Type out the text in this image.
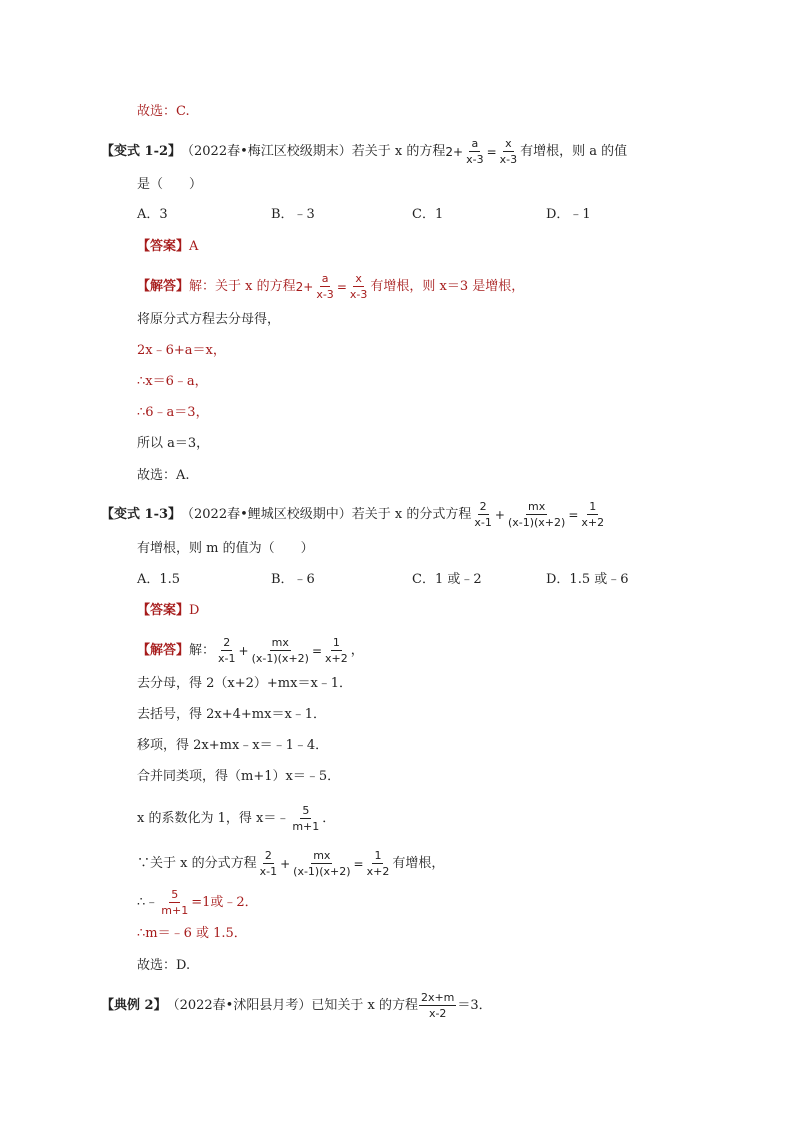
故选：C.
【变式 1-2】 （2022春•梅江区校级期末） 若关于 x 的方程 $2+ \frac{a}{x-3} = \frac{x}{x-3}$ 有增根，则 a 的值
是（　　）
A．3	B．﹣3	C．1	D．﹣1
【答案】 A
【解答】 解：关于 x 的方程 $2+ \frac{a}{x-3} = \frac{x}{x-3}$ 有增根，则 x＝3 是增根，
将原分式方程去分母得，
2x﹣6+a＝x，
∴x＝6﹣a，
∴6﹣a＝3，
所以 a＝3，
故选：A.
【变式 1-3】 （2022春•鲤城区校级期中） 若关于 x 的分式方程 $\frac{2}{x-1} + \frac{mx}{(x-1)(x+2)} = \frac{1}{x+2}$
有增根，则 m 的值为（　　）
A．1.5	B．﹣6	C．1 或﹣2	D．1.5 或﹣6
【答案】 D
【解答】 解： $\frac{2}{x-1} + \frac{mx}{(x-1)(x+2)} = \frac{1}{x+2}$ ，
去分母，得 2（x+2）+mx＝x﹣1．
去括号，得 2x+4+mx＝x﹣1．
移项，得 2x+mx﹣x＝﹣1﹣4．
合并同类项，得（m+1）x＝﹣5．
x 的系数化为 1，得 x＝﹣ $\frac{5}{m+1}$ ．
∵关于 x 的分式方程 $\frac{2}{x-1} + \frac{mx}{(x-1)(x+2)} = \frac{1}{x+2}$ 有增根，
∴﹣ $\frac{5}{m+1} =1$或﹣2．
∴m＝﹣6 或 1.5．
故选：D.
【典例 2】 （2022春•沭阳县月考） 已知关于 x 的方程 $\frac{2x+m}{x-2} =3$．
